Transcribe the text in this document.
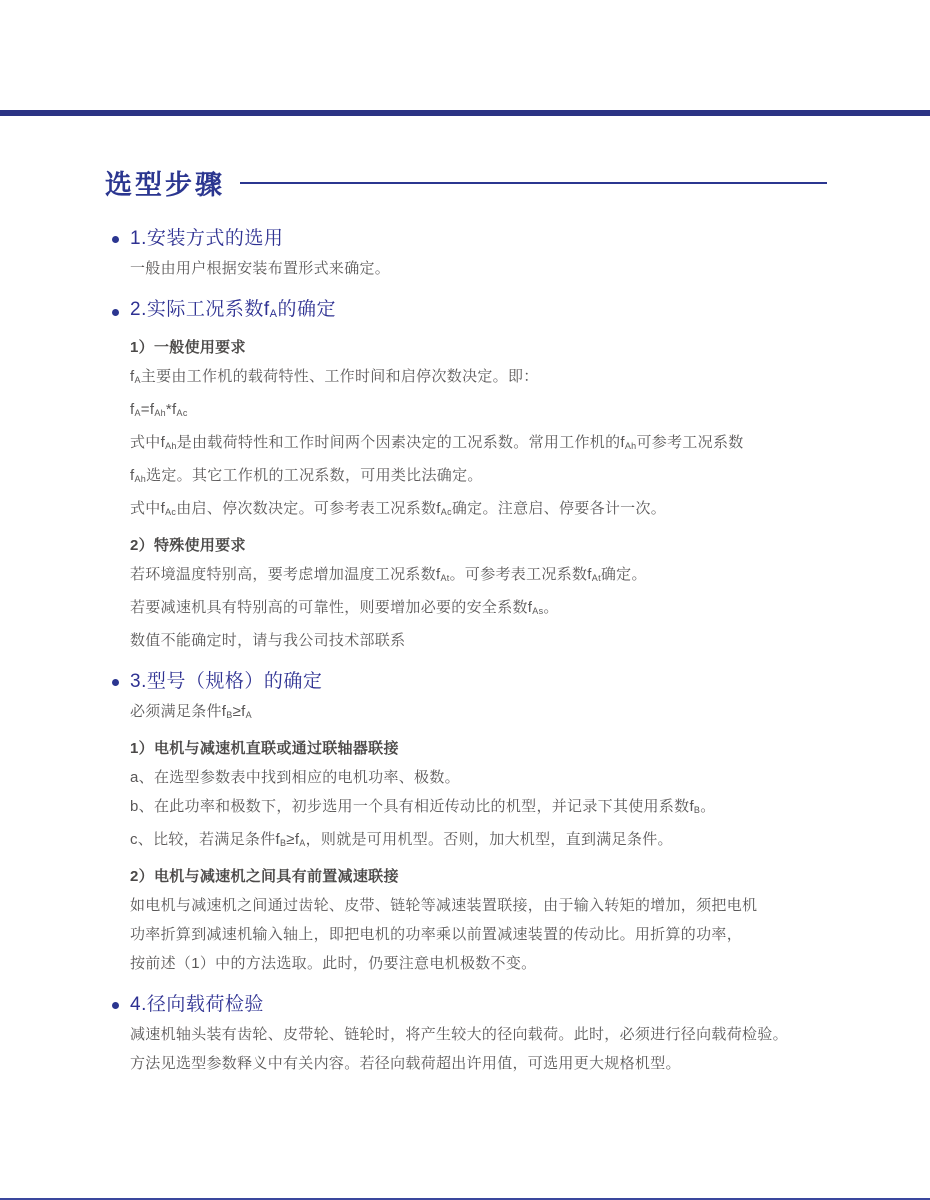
选型步骤
1.安装方式的选用

一般由用户根据安装布置形式来确定。

2.实际工况系数$f_A$的确定

1）一般使用要求

$f_A$主要由工作机的载荷特性、工作时间和启停次数决定。即：

$f_A=f_{Ah}*f_{Ac}$

式中$f_{Ah}$是由载荷特性和工作时间两个因素决定的工况系数。常用工作机的$f_{Ah}$可参考工况系数

$f_{Ah}$选定。其它工作机的工况系数，可用类比法确定。

式中$f_{Ac}$由启、停次数决定。可参考表工况系数$f_{Ac}$确定。注意启、停要各计一次。

2）特殊使用要求

若环境温度特别高，要考虑增加温度工况系数$f_{At}$。可参考表工况系数$f_{At}$确定。

若要减速机具有特别高的可靠性，则要增加必要的安全系数$f_{As}$。

数值不能确定时，请与我公司技术部联系

3.型号（规格）的确定

必须满足条件$f_B\ge f_A$

1）电机与减速机直联或通过联轴器联接

a、在选型参数表中找到相应的电机功率、极数。

b、在此功率和极数下，初步选用一个具有相近传动比的机型，并记录下其使用系数$f_B$。

c、比较，若满足条件$f_B\ge f_A$，则就是可用机型。否则，加大机型，直到满足条件。

2）电机与减速机之间具有前置减速联接

如电机与减速机之间通过齿轮、皮带、链轮等减速装置联接，由于输入转矩的增加，须把电机

功率折算到减速机输入轴上，即把电机的功率乘以前置减速装置的传动比。用折算的功率，

按前述（1）中的方法选取。此时，仍要注意电机极数不变。

4.径向载荷检验

减速机轴头装有齿轮、皮带轮、链轮时，将产生较大的径向载荷。此时，必须进行径向载荷检验。

方法见选型参数释义中有关内容。若径向载荷超出许用值，可选用更大规格机型。
